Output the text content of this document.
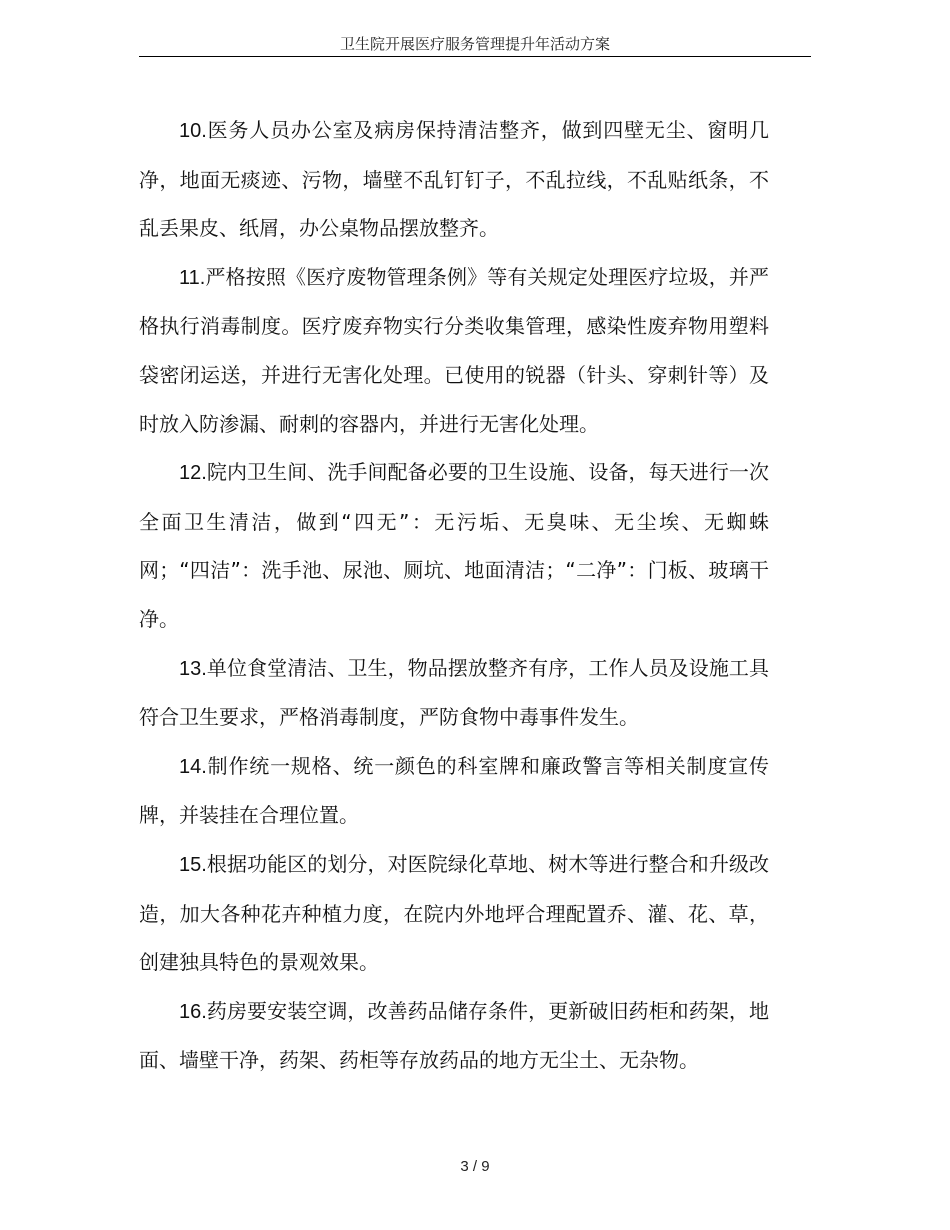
卫生院开展医疗服务管理提升年活动方案

10.医务人员办公室及病房保持清洁整齐，做到四壁无尘、窗明几净，地面无痰迹、污物，墙壁不乱钉钉子，不乱拉线，不乱贴纸条，不乱丢果皮、纸屑，办公桌物品摆放整齐。

11.严格按照《医疗废物管理条例》等有关规定处理医疗垃圾，并严格执行消毒制度。医疗废弃物实行分类收集管理，感染性废弃物用塑料袋密闭运送，并进行无害化处理。已使用的锐器（针头、穿刺针等）及时放入防渗漏、耐刺的容器内，并进行无害化处理。

12.院内卫生间、洗手间配备必要的卫生设施、设备，每天进行一次全面卫生清洁，做到“四无”：无污垢、无臭味、无尘埃、无蜘蛛网；“四洁”：洗手池、尿池、厕坑、地面清洁；“二净”：门板、玻璃干净。

13.单位食堂清洁、卫生，物品摆放整齐有序，工作人员及设施工具符合卫生要求，严格消毒制度，严防食物中毒事件发生。

14.制作统一规格、统一颜色的科室牌和廉政警言等相关制度宣传牌，并装挂在合理位置。

15.根据功能区的划分，对医院绿化草地、树木等进行整合和升级改造，加大各种花卉种植力度，在院内外地坪合理配置乔、灌、花、草，创建独具特色的景观效果。

16.药房要安装空调，改善药品储存条件，更新破旧药柜和药架，地面、墙壁干净，药架、药柜等存放药品的地方无尘土、无杂物。

3 / 9
